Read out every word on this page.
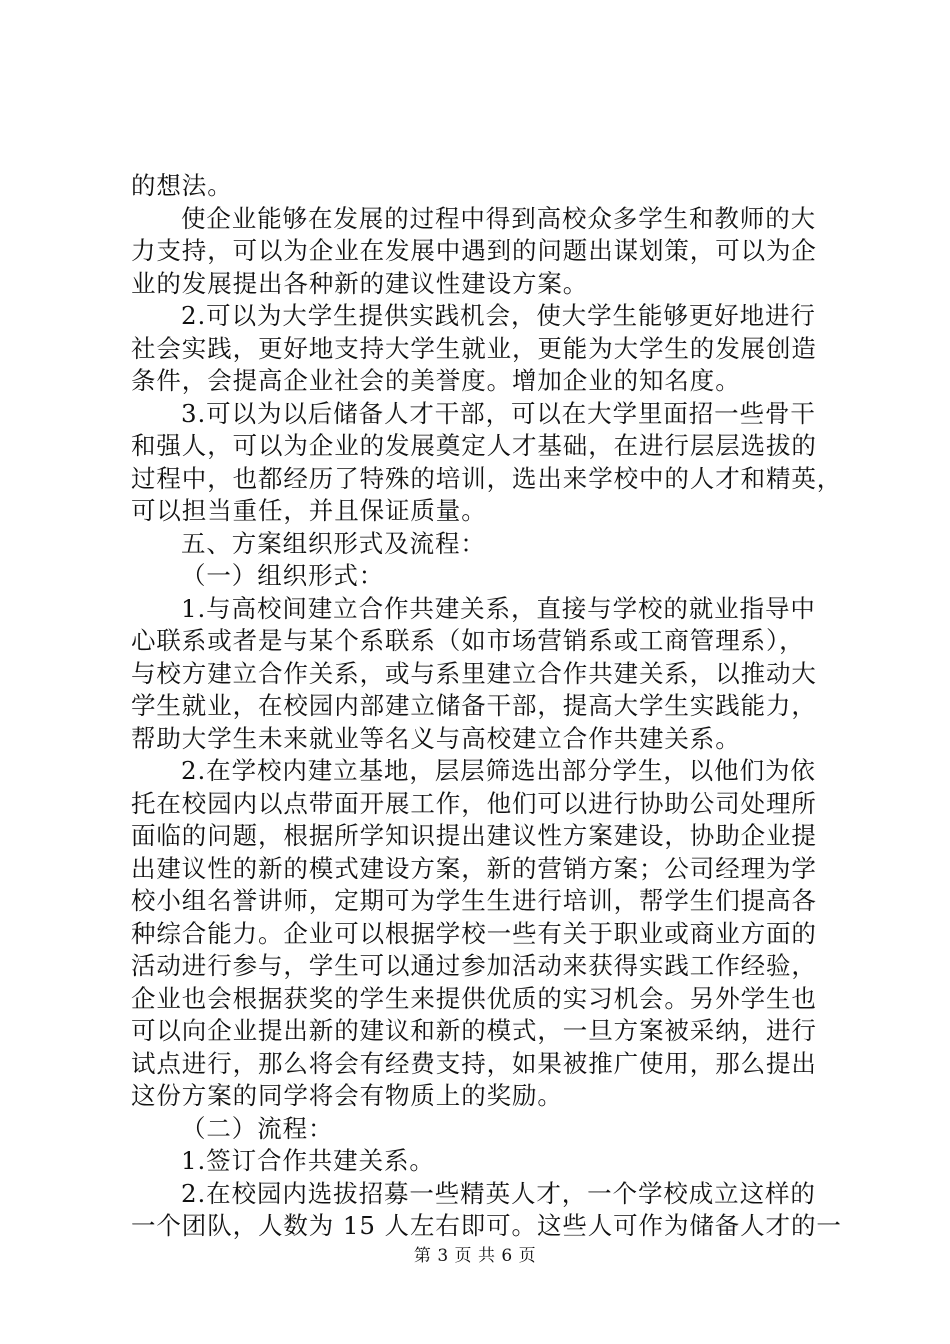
的想法。
使企业能够在发展的过程中得到高校众多学生和教师的大
力支持，可以为企业在发展中遇到的问题出谋划策，可以为企
业的发展提出各种新的建议性建设方案。
2.可以为大学生提供实践机会，使大学生能够更好地进行
社会实践，更好地支持大学生就业，更能为大学生的发展创造
条件，会提高企业社会的美誉度。增加企业的知名度。
3.可以为以后储备人才干部，可以在大学里面招一些骨干
和强人，可以为企业的发展奠定人才基础，在进行层层选拔的
过程中，也都经历了特殊的培训，选出来学校中的人才和精英，
可以担当重任，并且保证质量。
五、方案组织形式及流程：
（一）组织形式：
1.与高校间建立合作共建关系，直接与学校的就业指导中
心联系或者是与某个系联系（如市场营销系或工商管理系），
与校方建立合作关系，或与系里建立合作共建关系，以推动大
学生就业，在校园内部建立储备干部，提高大学生实践能力，
帮助大学生未来就业等名义与高校建立合作共建关系。
2.在学校内建立基地，层层筛选出部分学生，以他们为依
托在校园内以点带面开展工作，他们可以进行协助公司处理所
面临的问题，根据所学知识提出建议性方案建设，协助企业提
出建议性的新的模式建设方案，新的营销方案；公司经理为学
校小组名誉讲师，定期可为学生生进行培训，帮学生们提高各
种综合能力。企业可以根据学校一些有关于职业或商业方面的
活动进行参与，学生可以通过参加活动来获得实践工作经验，
企业也会根据获奖的学生来提供优质的实习机会。另外学生也
可以向企业提出新的建议和新的模式，一旦方案被采纳，进行
试点进行，那么将会有经费支持，如果被推广使用，那么提出
这份方案的同学将会有物质上的奖励。
（二）流程：
1.签订合作共建关系。
2.在校园内选拔招募一些精英人才，一个学校成立这样的
一个团队，人数为 15 人左右即可。这些人可作为储备人才的一
第 3 页 共 6 页
